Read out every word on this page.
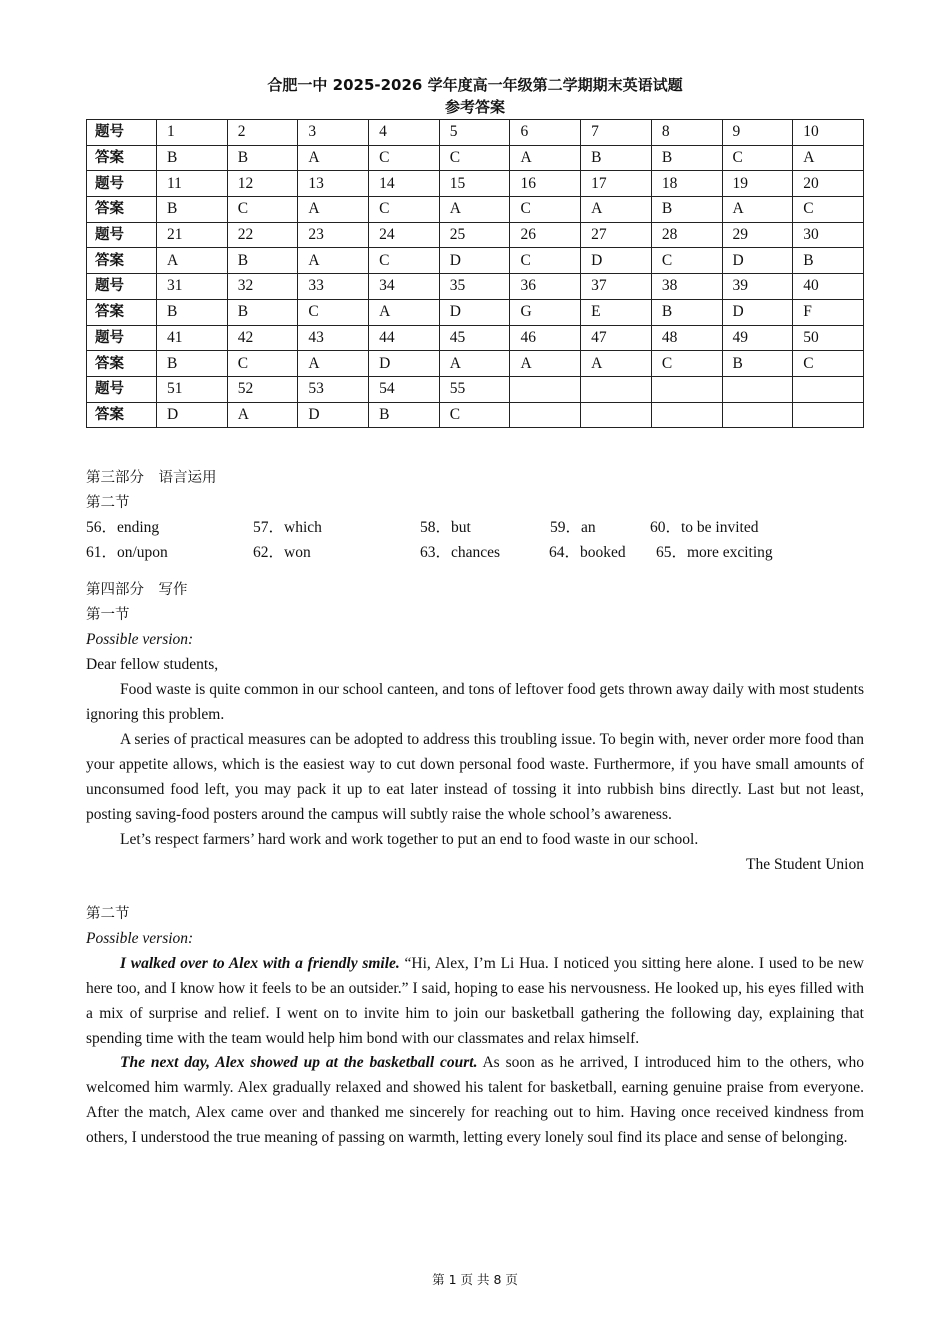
合肥一中 2025-2026 学年度高一年级第二学期期末英语试题
参考答案
题号	1	2	3	4	5	6	7	8	9	10
答案	B	B	A	C	C	A	B	B	C	A
题号	11	12	13	14	15	16	17	18	19	20
答案	B	C	A	C	A	C	A	B	A	C
题号	21	22	23	24	25	26	27	28	29	30
答案	A	B	A	C	D	C	D	C	D	B
题号	31	32	33	34	35	36	37	38	39	40
答案	B	B	C	A	D	G	E	B	D	F
题号	41	42	43	44	45	46	47	48	49	50
答案	B	C	A	D	A	A	A	C	B	C
题号	51	52	53	54	55					
答案	D	A	D	B	C					
第三部分　语言运用
第二节
56．ending	57．which	58．but	59．an	60．to be invited
61．on/upon	62．won	63．chances	64．booked 65．more exciting
第四部分　写作
第一节
Possible version:
Dear fellow students,
Food waste is quite common in our school canteen, and tons of leftover food gets thrown away daily with most students ignoring this problem.
A series of practical measures can be adopted to address this troubling issue. To begin with, never order more food than your appetite allows, which is the easiest way to cut down personal food waste. Furthermore, if you have small amounts of unconsumed food left, you may pack it up to eat later instead of tossing it into rubbish bins directly. Last but not least, posting saving-food posters around the campus will subtly raise the whole school’s awareness.
Let’s respect farmers’ hard work and work together to put an end to food waste in our school.
The Student Union
第二节
Possible version:
I walked over to Alex with a friendly smile. “Hi, Alex, I’m Li Hua. I noticed you sitting here alone. I used to be new here too, and I know how it feels to be an outsider.” I said, hoping to ease his nervousness. He looked up, his eyes filled with a mix of surprise and relief. I went on to invite him to join our basketball gathering the following day, explaining that spending time with the team would help him bond with our classmates and relax himself.
The next day, Alex showed up at the basketball court. As soon as he arrived, I introduced him to the others, who welcomed him warmly. Alex gradually relaxed and showed his talent for basketball, earning genuine praise from everyone. After the match, Alex came over and thanked me sincerely for reaching out to him. Having once received kindness from others, I understood the true meaning of passing on warmth, letting every lonely soul find its place and sense of belonging.
第 1 页 共 8 页
